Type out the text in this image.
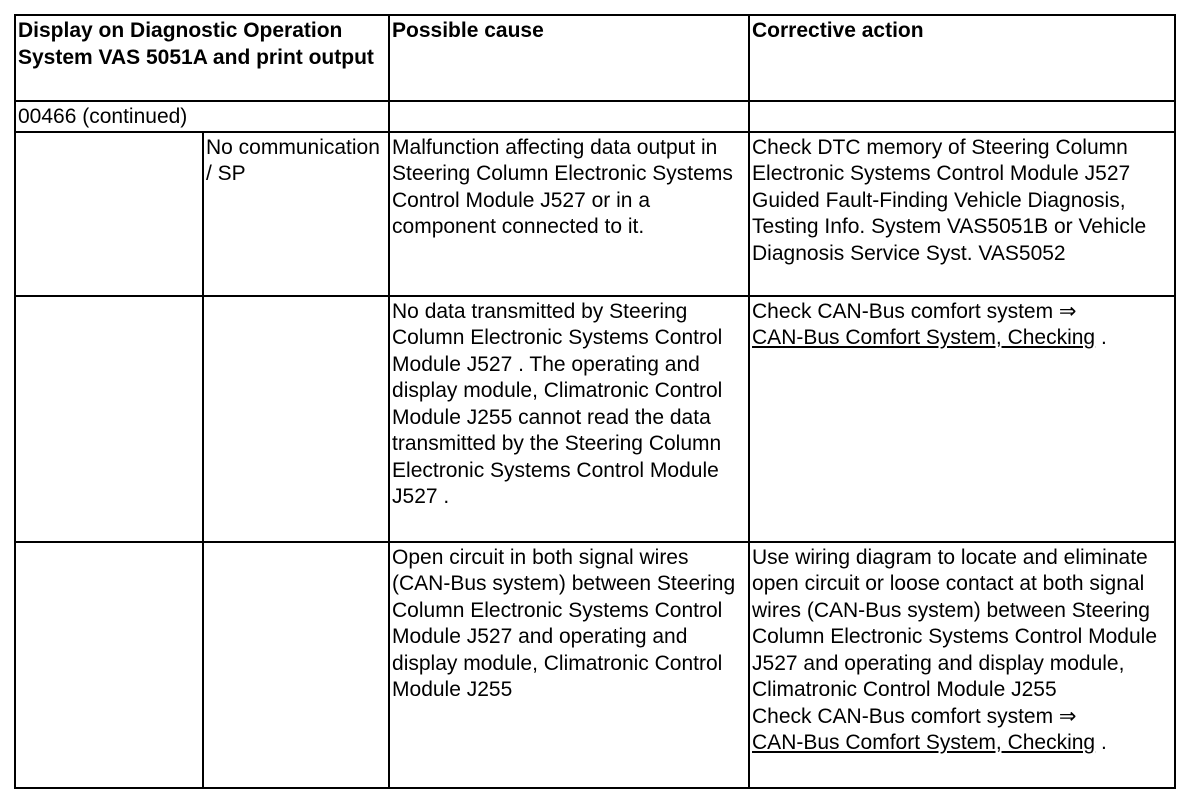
Display on Diagnostic Operation System VAS 5051A and print output		Possible cause	Corrective action
00466 (continued)			
	No communication / SP	Malfunction affecting data output in Steering Column Electronic Systems Control Module J527 or in a component connected to it.	Check DTC memory of Steering Column Electronic Systems Control Module J527 Guided Fault-Finding Vehicle Diagnosis, Testing Info. System VAS5051B or Vehicle Diagnosis Service Syst. VAS5052
		No data transmitted by Steering Column Electronic Systems Control Module J527 . The operating and display module, Climatronic Control Module J255 cannot read the data transmitted by the Steering Column Electronic Systems Control Module J527 .	Check CAN-Bus comfort system ⇒
CAN-Bus Comfort System, Checking .
		Open circuit in both signal wires (CAN-Bus system) between Steering Column Electronic Systems Control Module J527 and operating and display module, Climatronic Control Module J255	Use wiring diagram to locate and eliminate open circuit or loose contact at both signal wires (CAN-Bus system) between Steering Column Electronic Systems Control Module J527 and operating and display module, Climatronic Control Module J255
Check CAN-Bus comfort system ⇒
CAN-Bus Comfort System, Checking .
